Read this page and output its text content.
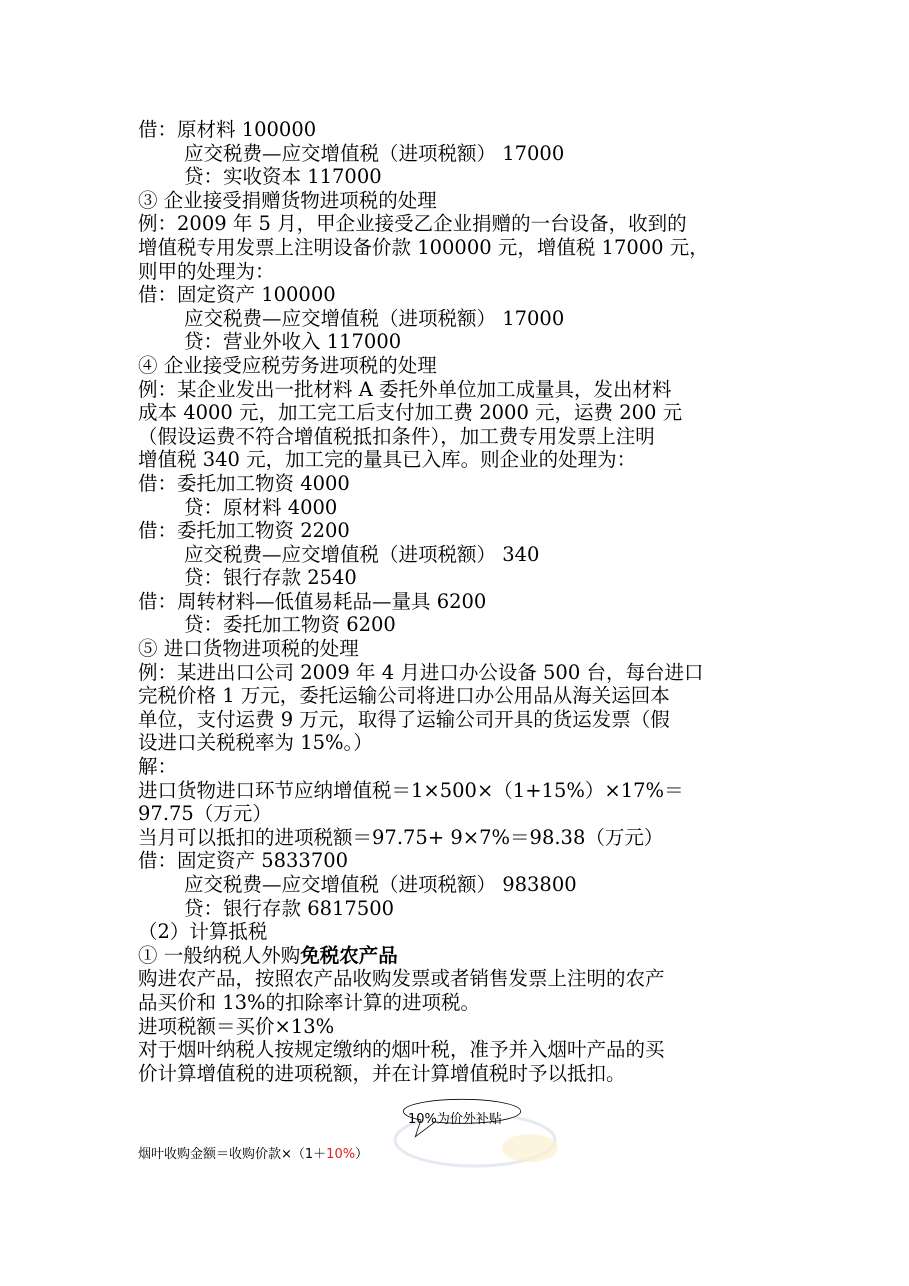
借：原材料 100000
应交税费—应交增值税（进项税额） 17000
贷：实收资本 117000
③ 企业接受捐赠货物进项税的处理
例：2009 年 5 月，甲企业接受乙企业捐赠的一台设备，收到的
增值税专用发票上注明设备价款 100000 元，增值税 17000 元，
则甲的处理为：
借：固定资产 100000
应交税费—应交增值税（进项税额） 17000
贷：营业外收入 117000
④ 企业接受应税劳务进项税的处理
例：某企业发出一批材料 A 委托外单位加工成量具，发出材料
成本 4000 元，加工完工后支付加工费 2000 元，运费 200 元
（假设运费不符合增值税抵扣条件），加工费专用发票上注明
增值税 340 元，加工完的量具已入库。则企业的处理为：
借：委托加工物资 4000
贷：原材料 4000
借：委托加工物资 2200
应交税费—应交增值税（进项税额） 340
贷：银行存款 2540
借：周转材料—低值易耗品—量具 6200
贷：委托加工物资 6200
⑤ 进口货物进项税的处理
例：某进出口公司 2009 年 4 月进口办公设备 500 台，每台进口
完税价格 1 万元，委托运输公司将进口办公用品从海关运回本
单位，支付运费 9 万元，取得了运输公司开具的货运发票（假
设进口关税税率为 15%。）
解：
进口货物进口环节应纳增值税＝1×500×（1+15%）×17%＝
97.75（万元）
当月可以抵扣的进项税额＝97.75+ 9×7%＝98.38（万元）
借：固定资产 5833700
应交税费—应交增值税（进项税额） 983800
贷：银行存款 6817500
（2）计算抵税
① 一般纳税人外购免税农产品
购进农产品，按照农产品收购发票或者销售发票上注明的农产
品买价和 13%的扣除率计算的进项税。
进项税额＝买价×13%
对于烟叶纳税人按规定缴纳的烟叶税，准予并入烟叶产品的买
价计算增值税的进项税额，并在计算增值税时予以抵扣。
10%为价外补贴
烟叶收购金额＝收购价款×（1＋10%）
